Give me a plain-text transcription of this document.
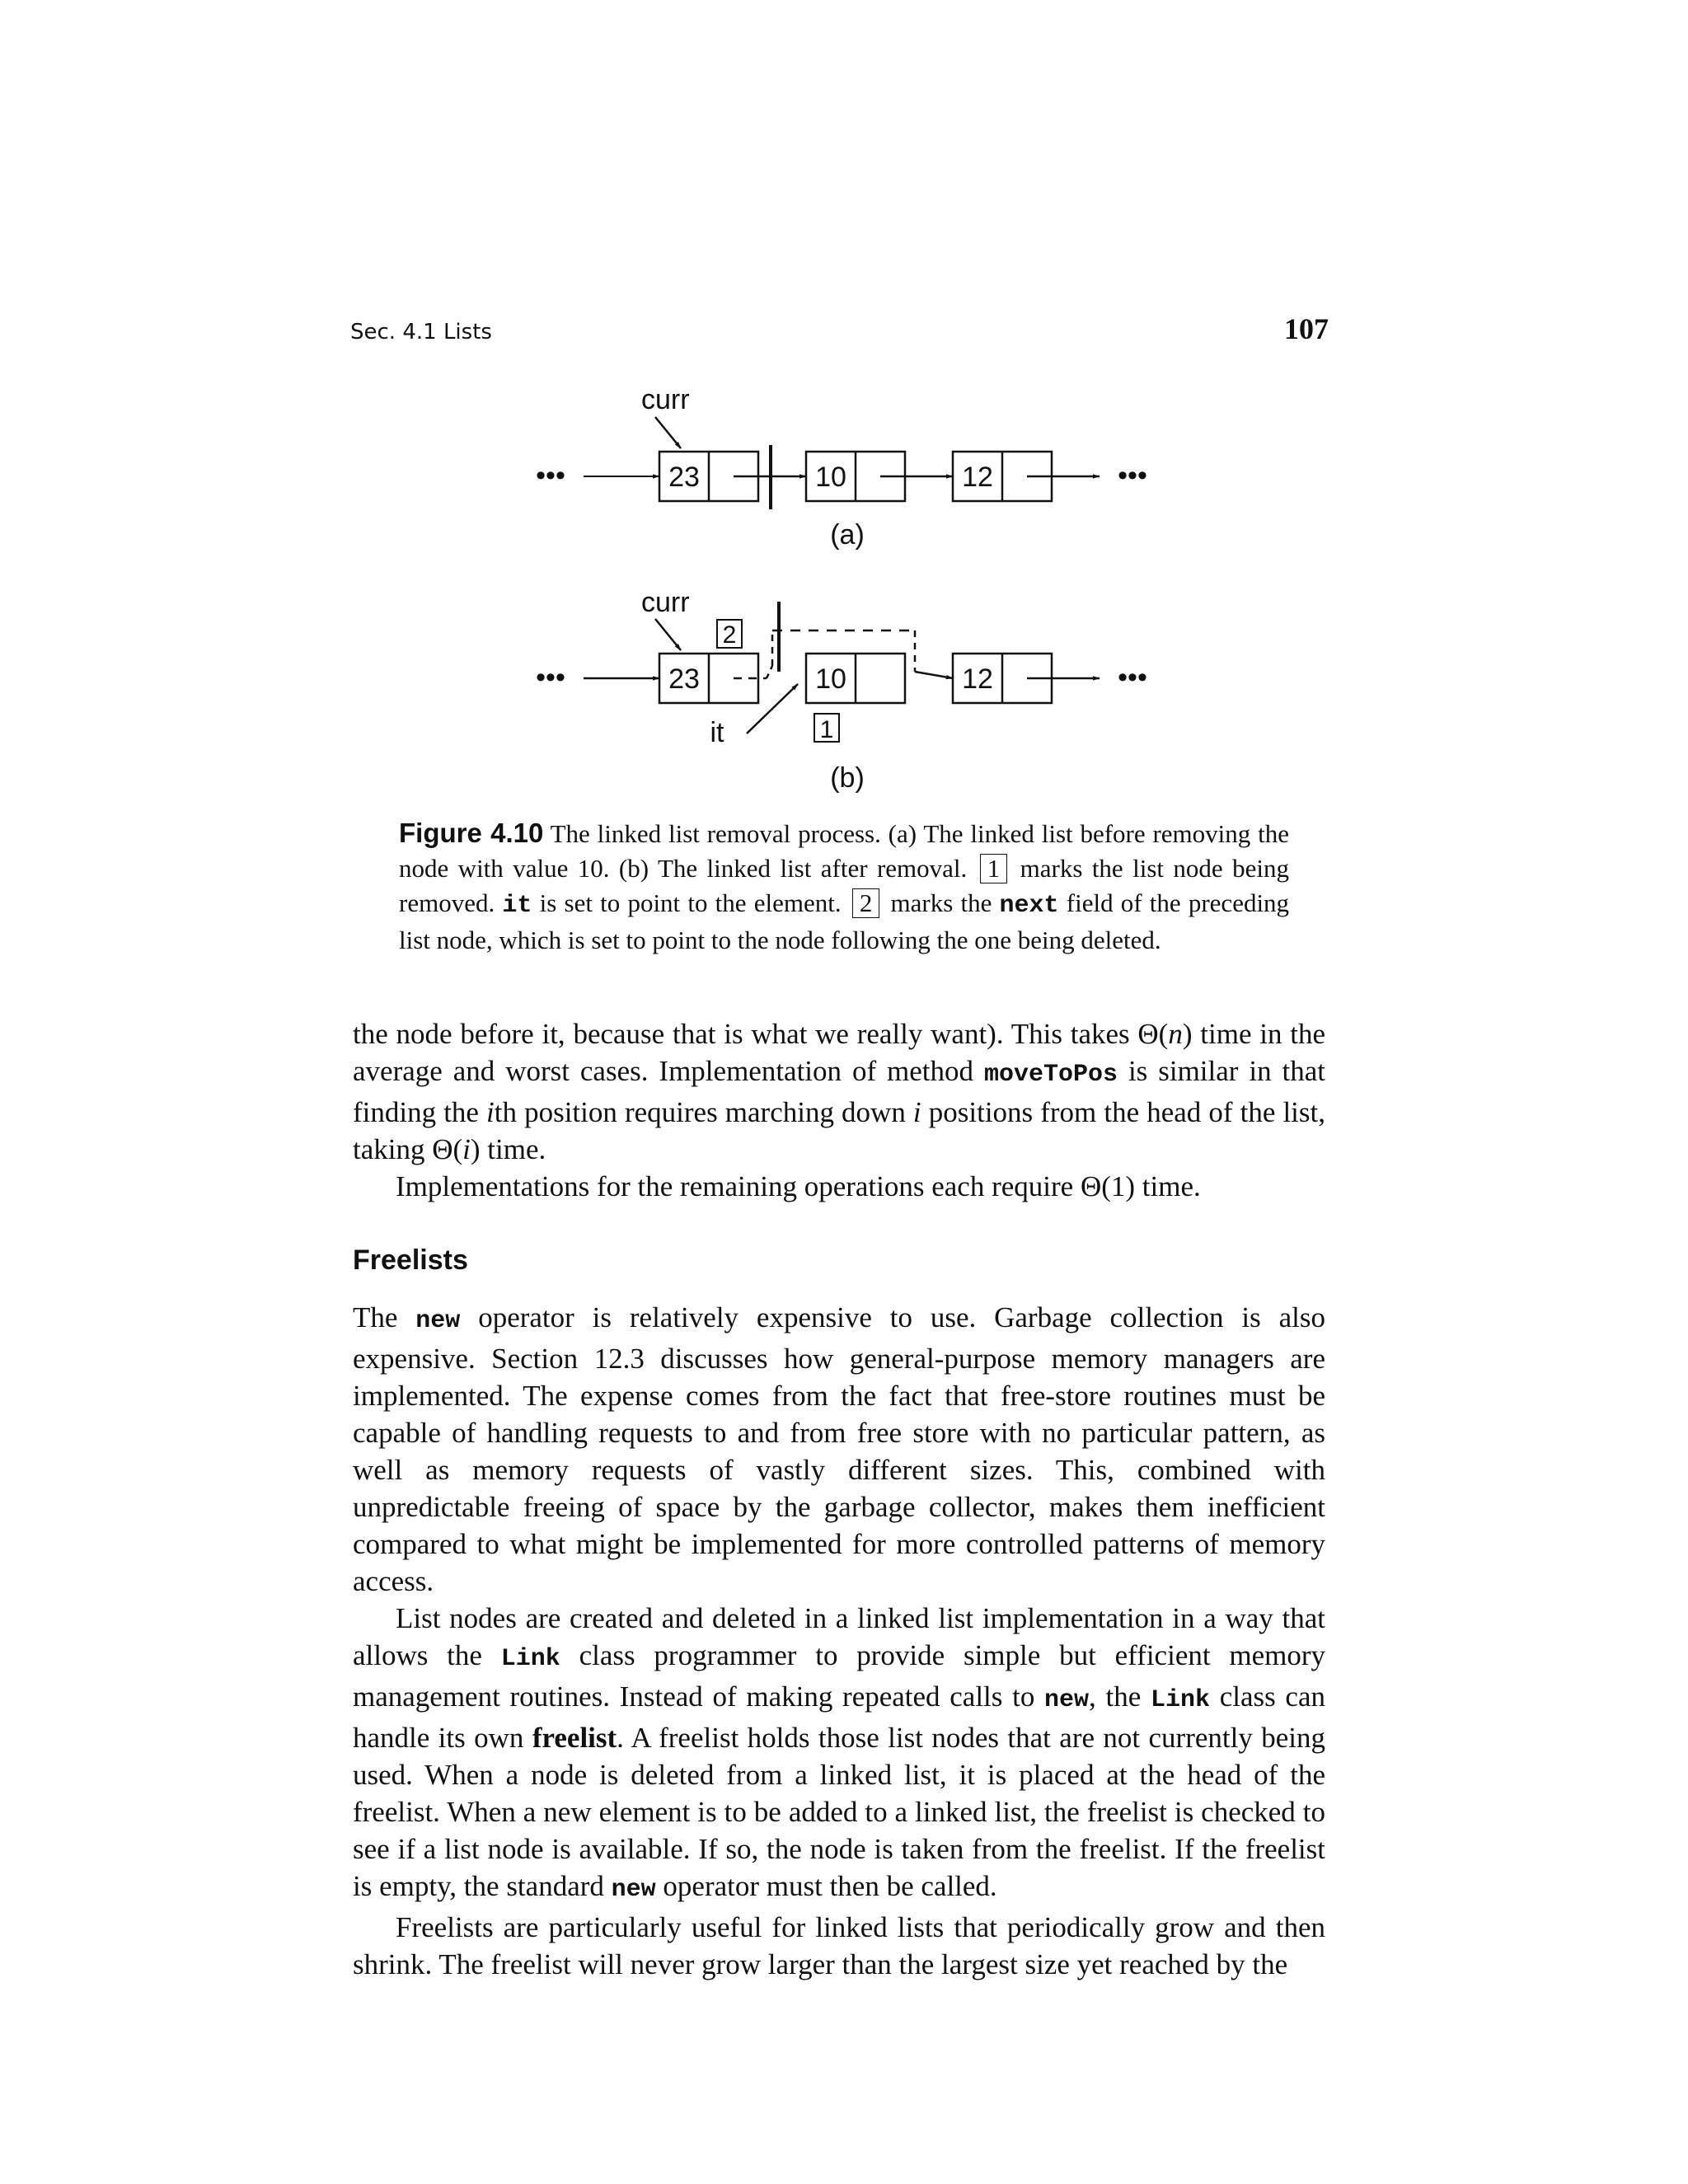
Sec. 4.1 Lists	107
•••	•••
curr
23	10	12
(a)
•••	•••
curr
2
23	10	12
it	1
(b)
Figure 4.10 The linked list removal process. (a) The linked list before removing the node with value 10. (b) The linked list after removal. 1 marks the list node being removed. it is set to point to the element. 2 marks the next field of the preceding list node, which is set to point to the node following the one being deleted.

the node before it, because that is what we really want). This takes Θ(n) time in the average and worst cases. Implementation of method moveToPos is similar in that finding the ith position requires marching down i positions from the head of the list, taking Θ(i) time.

Implementations for the remaining operations each require Θ(1) time.

Freelists

The new operator is relatively expensive to use. Garbage collection is also expensive. Section 12.3 discusses how general-purpose memory managers are implemented. The expense comes from the fact that free-store routines must be capable of handling requests to and from free store with no particular pattern, as well as memory requests of vastly different sizes. This, combined with unpredictable freeing of space by the garbage collector, makes them inefficient compared to what might be implemented for more controlled patterns of memory access.

List nodes are created and deleted in a linked list implementation in a way that allows the Link class programmer to provide simple but efficient memory management routines. Instead of making repeated calls to new, the Link class can handle its own freelist. A freelist holds those list nodes that are not currently being used. When a node is deleted from a linked list, it is placed at the head of the freelist. When a new element is to be added to a linked list, the freelist is checked to see if a list node is available. If so, the node is taken from the freelist. If the freelist is empty, the standard new operator must then be called.

Freelists are particularly useful for linked lists that periodically grow and then shrink. The freelist will never grow larger than the largest size yet reached by the
